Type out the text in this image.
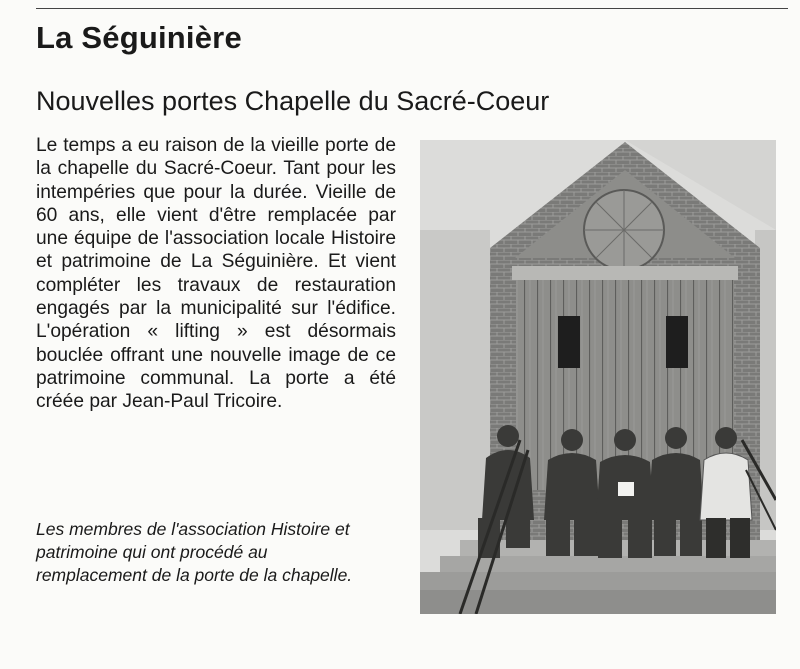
La Séguinière
Nouvelles portes Chapelle du Sacré-Coeur

Le temps a eu raison de la vieille porte de la chapelle du Sacré-Coeur. Tant pour les intempéries que pour la durée. Vieille de 60 ans, elle vient d'être remplacée par une équipe de l'association locale Histoire et patrimoine de La Séguinière. Et vient compléter les travaux de restauration engagés par la municipalité sur l'édifice. L'opération « lifting » est désormais bouclée offrant une nouvelle image de ce patrimoine communal. La porte a été créée par Jean-Paul Tricoire.

Les membres de l'association Histoire et patrimoine qui ont procédé au remplacement de la porte de la chapelle.
